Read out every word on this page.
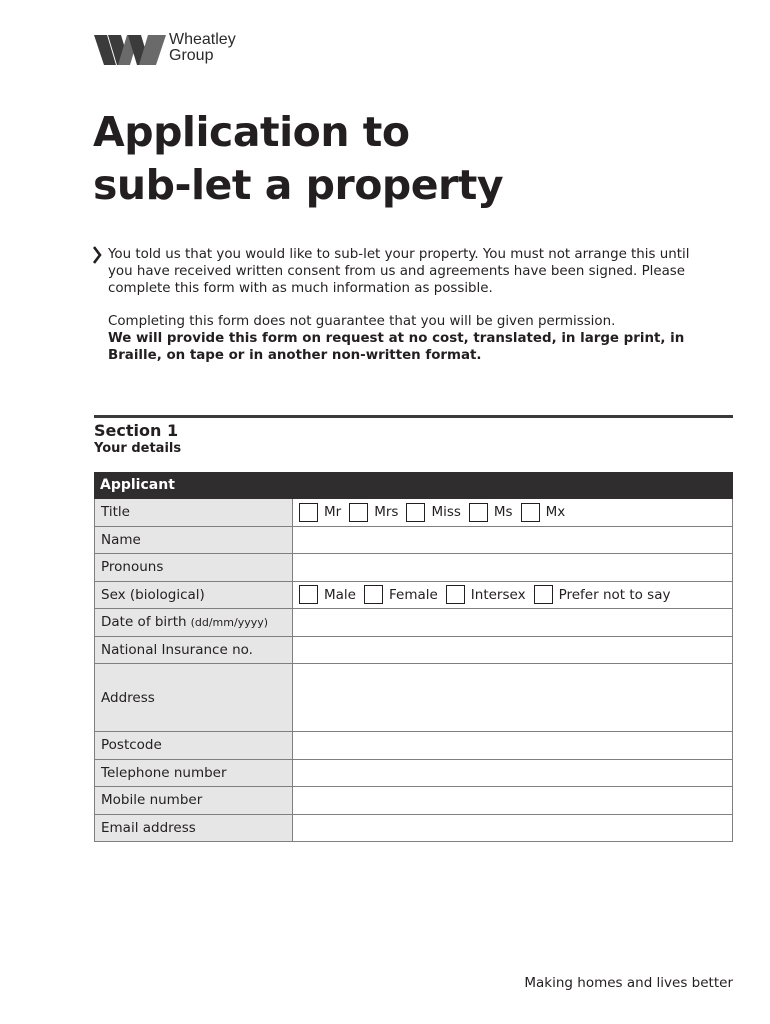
Wheatley
Group
Application to
sub-let a property

You told us that you would like to sub-let your property. You must not arrange this until you have received written consent from us and agreements have been signed. Please complete this form with as much information as possible.

Completing this form does not guarantee that you will be given permission.
We will provide this form on request at no cost, translated, in large print, in Braille, on tape or in another non-written format.

Section 1
Your details
Applicant
Title	Mr Mrs Miss Ms Mx
Name
Pronouns
Sex (biological)	Male Female Intersex Prefer not to say
Date of birth (dd/mm/yyyy)
National Insurance no.
Address
Postcode
Telephone number
Mobile number
Email address
Making homes and lives better
